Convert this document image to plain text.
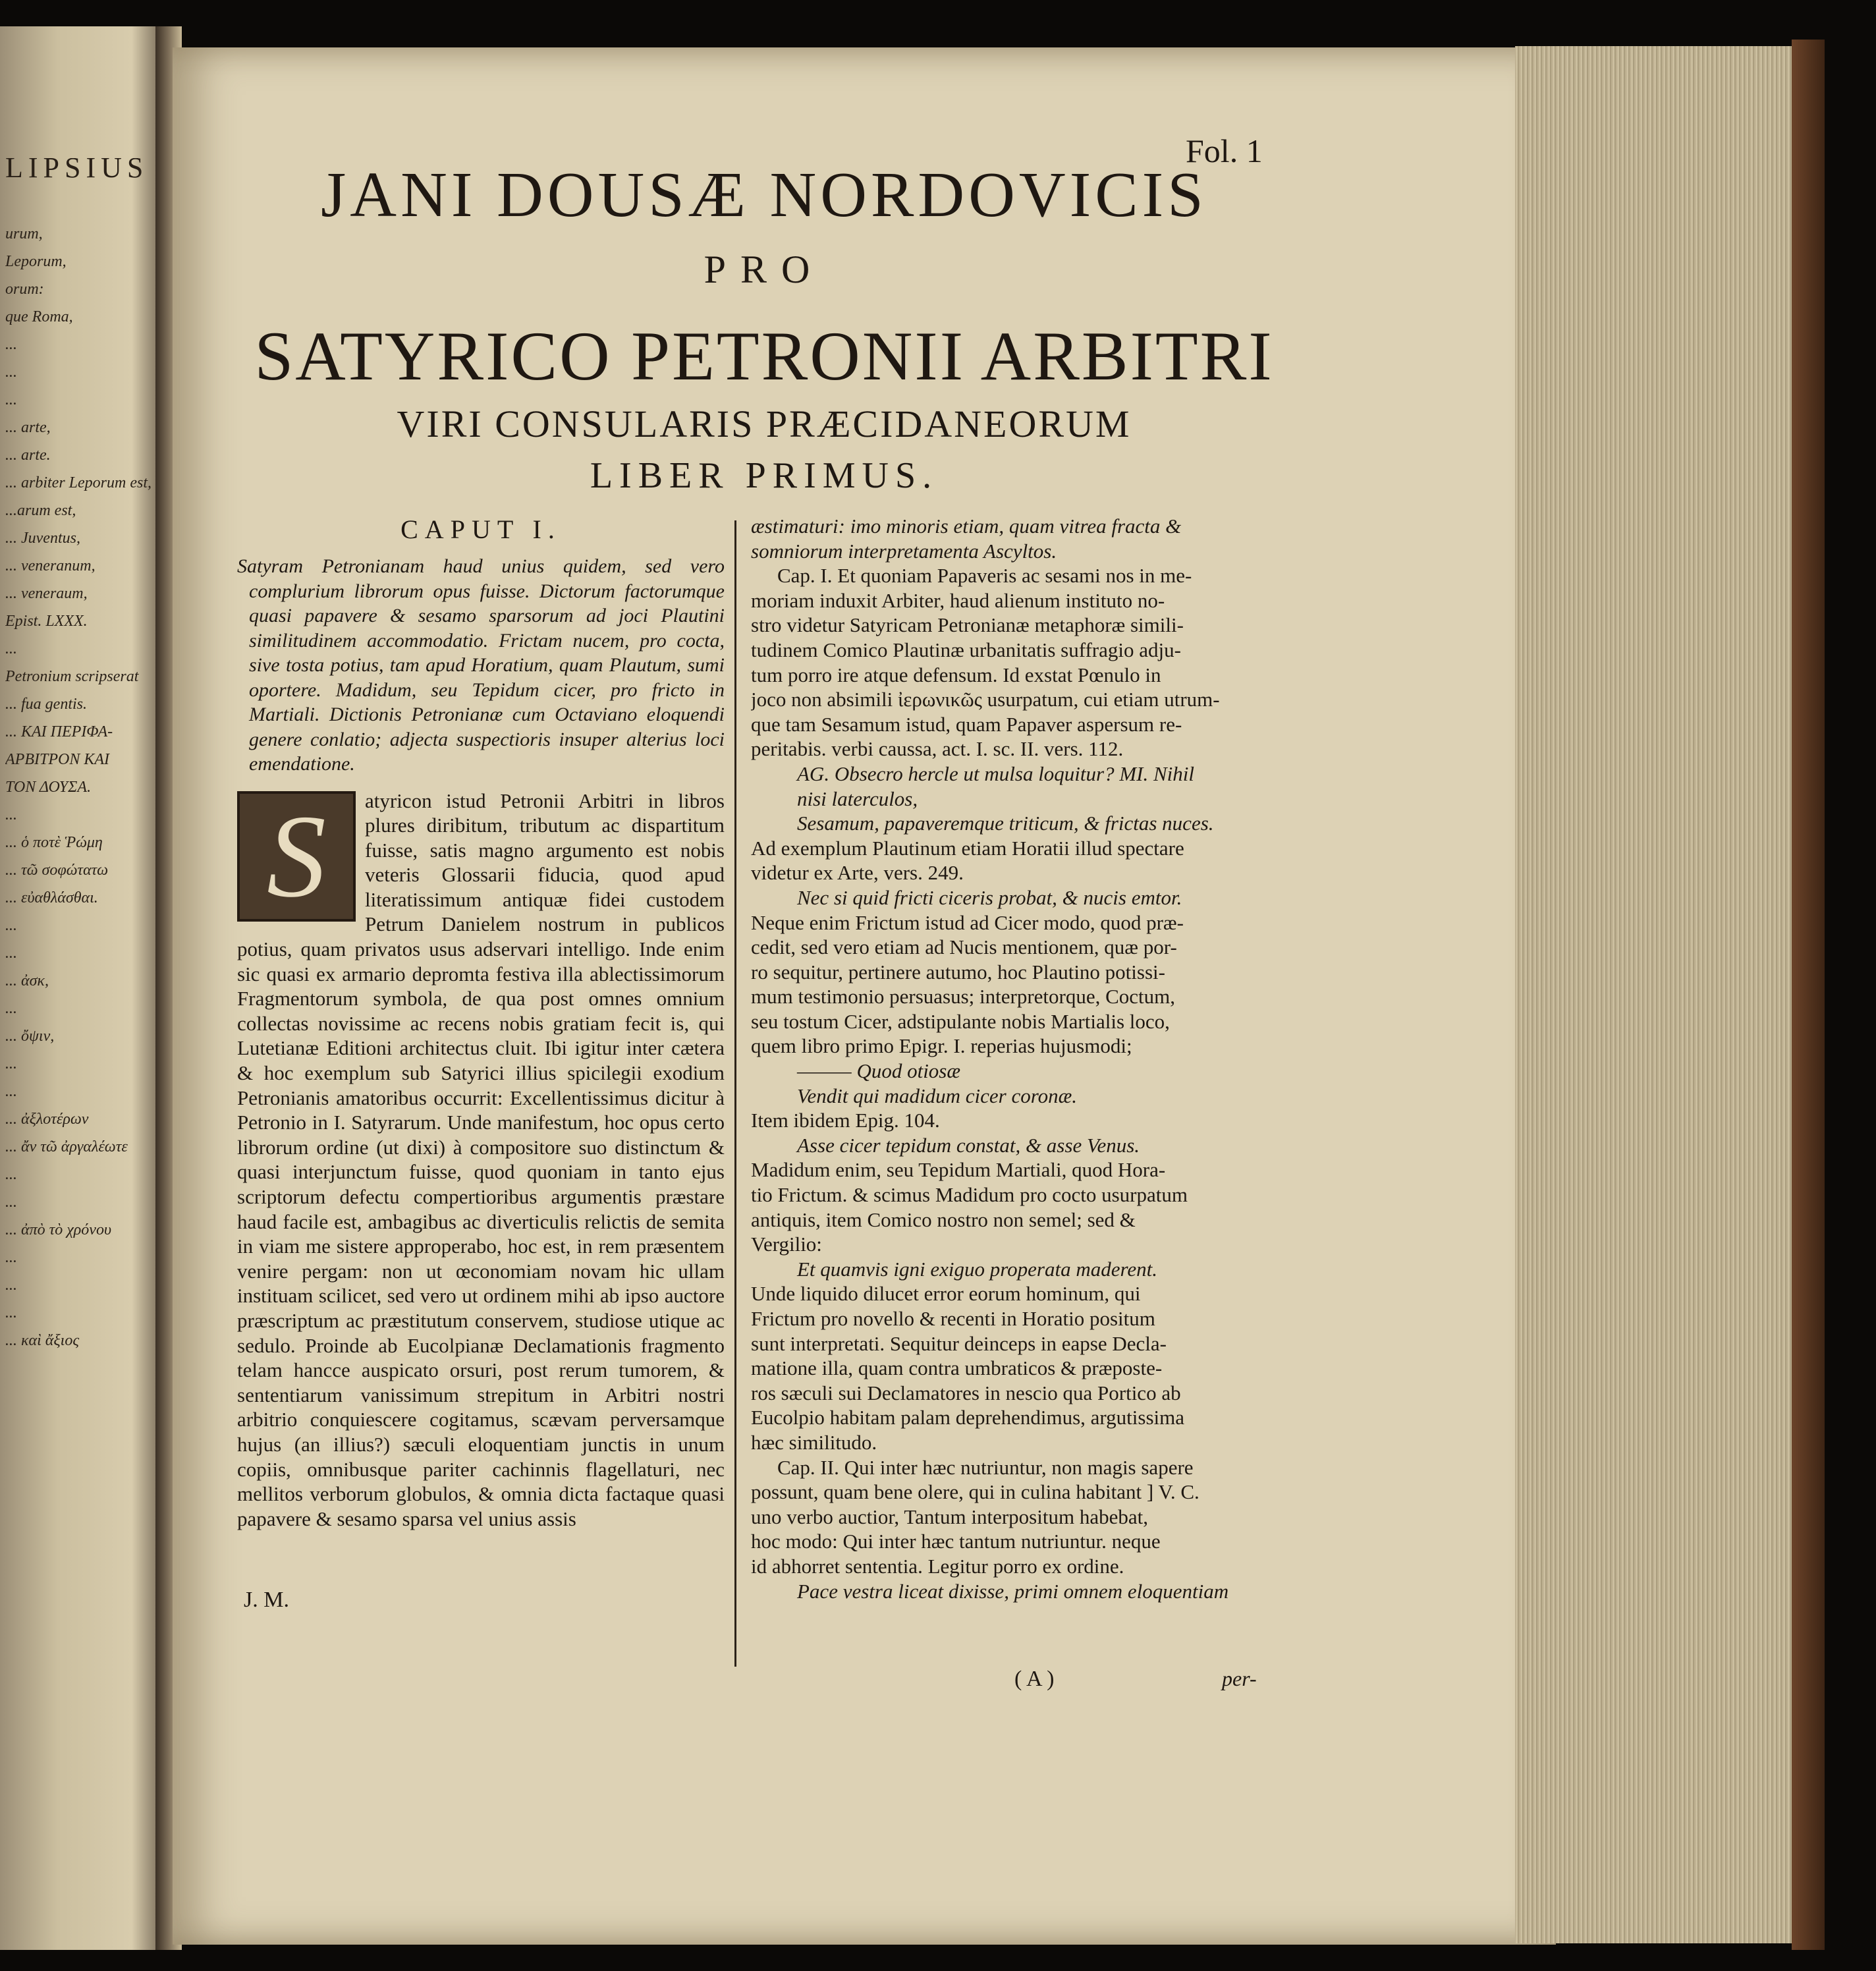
LIPSIUS
urum,
Leporum,
orum:
que Roma,
...
...
...
... arte,
... arte.
... arbiter Leporum est,
...arum est,
... Juventus,
... veneranum,
... veneraum,
Epist. LXXX.
...
Petronium scripserat
... fua gentis.
... ΚΑΙ ΠΕΡΙΦΑ-
ΑΡΒΙΤΡΟΝ ΚΑΙ
ΤΟΝ ΔΟΥΣΑ.
...
... ὁ ποτὲ Ῥώμη
... τῶ σοφώτατω
... εὐαθλάσθαι.
...
...
... ἀσκ,
...
... ὄψιν,
...
...
... ἀξλοτέρων
... ἄν τῶ ἀργαλέωτε
...
...
... ἀπὸ τὸ χρόνου
...
...
...
... καὶ ἄξιος
Fol. 1
JANI DOUSÆ NORDOVICIS
PRO
SATYRICO PETRONII ARBITRI
VIRI CONSULARIS PRÆCIDANEORUM
LIBER PRIMUS.
CAPUT I.

Satyram Petronianam haud unius quidem, sed vero complurium librorum opus fuisse. Dictorum factorumque quasi papavere & sesamo sparsorum ad joci Plautini similitudinem accommodatio. Frictam nucem, pro cocta, sive tosta potius, tam apud Horatium, quam Plautum, sumi oportere. Madidum, seu Tepidum cicer, pro fricto in Martiali. Dictionis Petronianæ cum Octaviano eloquendi genere conlatio; adjecta suspectioris insuper alterius loci emendatione.

S	atyricon istud Petronii Arbitri in libros plures diribitum, tributum ac dispartitum fuisse, satis magno argumento est nobis veteris Glossarii fiducia, quod apud literatissimum antiquæ fidei custodem Petrum Danielem nostrum in publicos potius, quam privatos usus adservari intelligo. Inde enim sic quasi ex armario depromta festiva illa ablectissimorum Fragmentorum symbola, de qua post omnes omnium collectas novissime ac recens nobis gratiam fecit is, qui Lutetianæ Editioni architectus cluit. Ibi igitur inter cætera & hoc exemplum sub Satyrici illius spicilegii exodium Petronianis amatoribus occurrit: Excellentissimus dicitur à Petronio in I. Satyrarum. Unde manifestum, hoc opus certo librorum ordine (ut dixi) à compositore suo distinctum & quasi interjunctum fuisse, quod quoniam in tanto ejus scriptorum defectu compertioribus argumentis præstare haud facile est, ambagibus ac diverticulis relictis de semita in viam me sistere approperabo, hoc est, in rem præsentem venire pergam: non ut œconomiam novam hic ullam instituam scilicet, sed vero ut ordinem mihi ab ipso auctore præscriptum ac præstitutum conservem, studiose utique ac sedulo. Proinde ab Eucolpianæ Declamationis fragmento telam hancce auspicato orsuri, post rerum tumorem, & sententiarum vanissimum strepitum in Arbitri nostri arbitrio conquiescere cogitamus, scævam perversamque hujus (an illius?) sæculi eloquentiam junctis in unum copiis, omnibusque pariter cachinnis flagellaturi, nec mellitos verborum globulos, & omnia dicta factaque quasi papavere & sesamo sparsa vel unius assis

æstimaturi: imo minoris etiam, quam vitrea fracta &
somniorum interpretamenta Ascyltos.
Cap. I. Et quoniam Papaveris ac sesami nos in me-
moriam induxit Arbiter, haud alienum instituto no-
stro videtur Satyricam Petronianæ metaphoræ simili-
tudinem Comico Plautinæ urbanitatis suffragio adju-
tum porro ire atque defensum. Id exstat Pœnulo in
joco non absimili ἰερωνικῶς usurpatum, cui etiam utrum-
que tam Sesamum istud, quam Papaver aspersum re-
peritabis. verbi caussa, act. I. sc. II. vers. 112.
AG. Obsecro hercle ut mulsa loquitur? MI. Nihil
nisi laterculos,
Sesamum, papaveremque triticum, & frictas nuces.
Ad exemplum Plautinum etiam Horatii illud spectare
videtur ex Arte, vers. 249.
Nec si quid fricti ciceris probat, & nucis emtor.
Neque enim Frictum istud ad Cicer modo, quod præ-
cedit, sed vero etiam ad Nucis mentionem, quæ por-
ro sequitur, pertinere autumo, hoc Plautino potissi-
mum testimonio persuasus; interpretorque, Coctum,
seu tostum Cicer, adstipulante nobis Martialis loco,
quem libro primo Epigr. I. reperias hujusmodi;
——— Quod otiosæ
Vendit qui madidum cicer coronæ.
Item ibidem Epig. 104.
Asse cicer tepidum constat, & asse Venus.
Madidum enim, seu Tepidum Martiali, quod Hora-
tio Frictum. & scimus Madidum pro cocto usurpatum
antiquis, item Comico nostro non semel; sed &
Vergilio:
Et quamvis igni exiguo properata maderent.
Unde liquido dilucet error eorum hominum, qui
Frictum pro novello & recenti in Horatio positum
sunt interpretati. Sequitur deinceps in eapse Decla-
matione illa, quam contra umbraticos & præposte-
ros sæculi sui Declamatores in nescio qua Portico ab
Eucolpio habitam palam deprehendimus, argutissima
hæc similitudo.
Cap. II. Qui inter hæc nutriuntur, non magis sapere
possunt, quam bene olere, qui in culina habitant ] V. C.
uno verbo auctior, Tantum interpositum habebat,
hoc modo: Qui inter hæc tantum nutriuntur. neque
id abhorret sententia. Legitur porro ex ordine.
Pace vestra liceat dixisse, primi omnem eloquentiam
J. M.
( A )	per-
